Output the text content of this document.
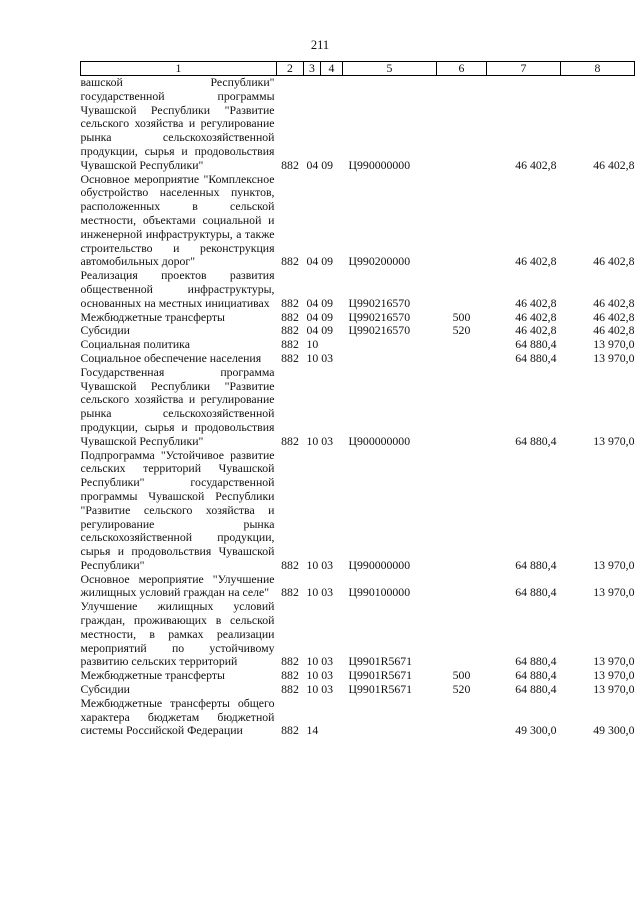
211
1	2	3	4	5	6	7	8
вашской Республики" государственной программы Чувашской Республики "Развитие сельского хозяйства и регулирование рынка сельскохозяйственной продукции, сырья и продовольствия Чувашской Республики"	882	04 09		Ц990000000		46 402,8	46 402,8
Основное мероприятие "Комплексное обустройство населенных пунктов, расположенных в сельской местности, объектами социальной и инженерной инфраструктуры, а также строительство и реконструкция автомобильных дорог"	882	04 09		Ц990200000		46 402,8	46 402,8
Реализация проектов развития общественной инфраструктуры, основанных на местных инициативах	882	04 09		Ц990216570		46 402,8	46 402,8
Межбюджетные трансферты	882	04 09		Ц990216570	500	46 402,8	46 402,8
Субсидии	882	04 09		Ц990216570	520	46 402,8	46 402,8
Социальная политика	882	10				64 880,4	13 970,0
Социальное обеспечение населения	882	10 03				64 880,4	13 970,0
Государственная программа Чувашской Республики "Развитие сельского хозяйства и регулирование рынка сельскохозяйственной продукции, сырья и продовольствия Чувашской Республики"	882	10 03		Ц900000000		64 880,4	13 970,0
Подпрограмма "Устойчивое развитие сельских территорий Чувашской Республики" государственной программы Чувашской Республики "Развитие сельского хозяйства и регулирование рынка сельскохозяйственной продукции, сырья и продовольствия Чувашской Республики"	882	10 03		Ц990000000		64 880,4	13 970,0
Основное мероприятие "Улучшение жилищных условий граждан на селе"	882	10 03		Ц990100000		64 880,4	13 970,0
Улучшение жилищных условий граждан, проживающих в сельской местности, в рамках реализации мероприятий по устойчивому развитию сельских территорий	882	10 03		Ц9901R5671		64 880,4	13 970,0
Межбюджетные трансферты	882	10 03		Ц9901R5671	500	64 880,4	13 970,0
Субсидии	882	10 03		Ц9901R5671	520	64 880,4	13 970,0
Межбюджетные трансферты общего характера бюджетам бюджетной системы Российской Федерации	882	14				49 300,0	49 300,0
